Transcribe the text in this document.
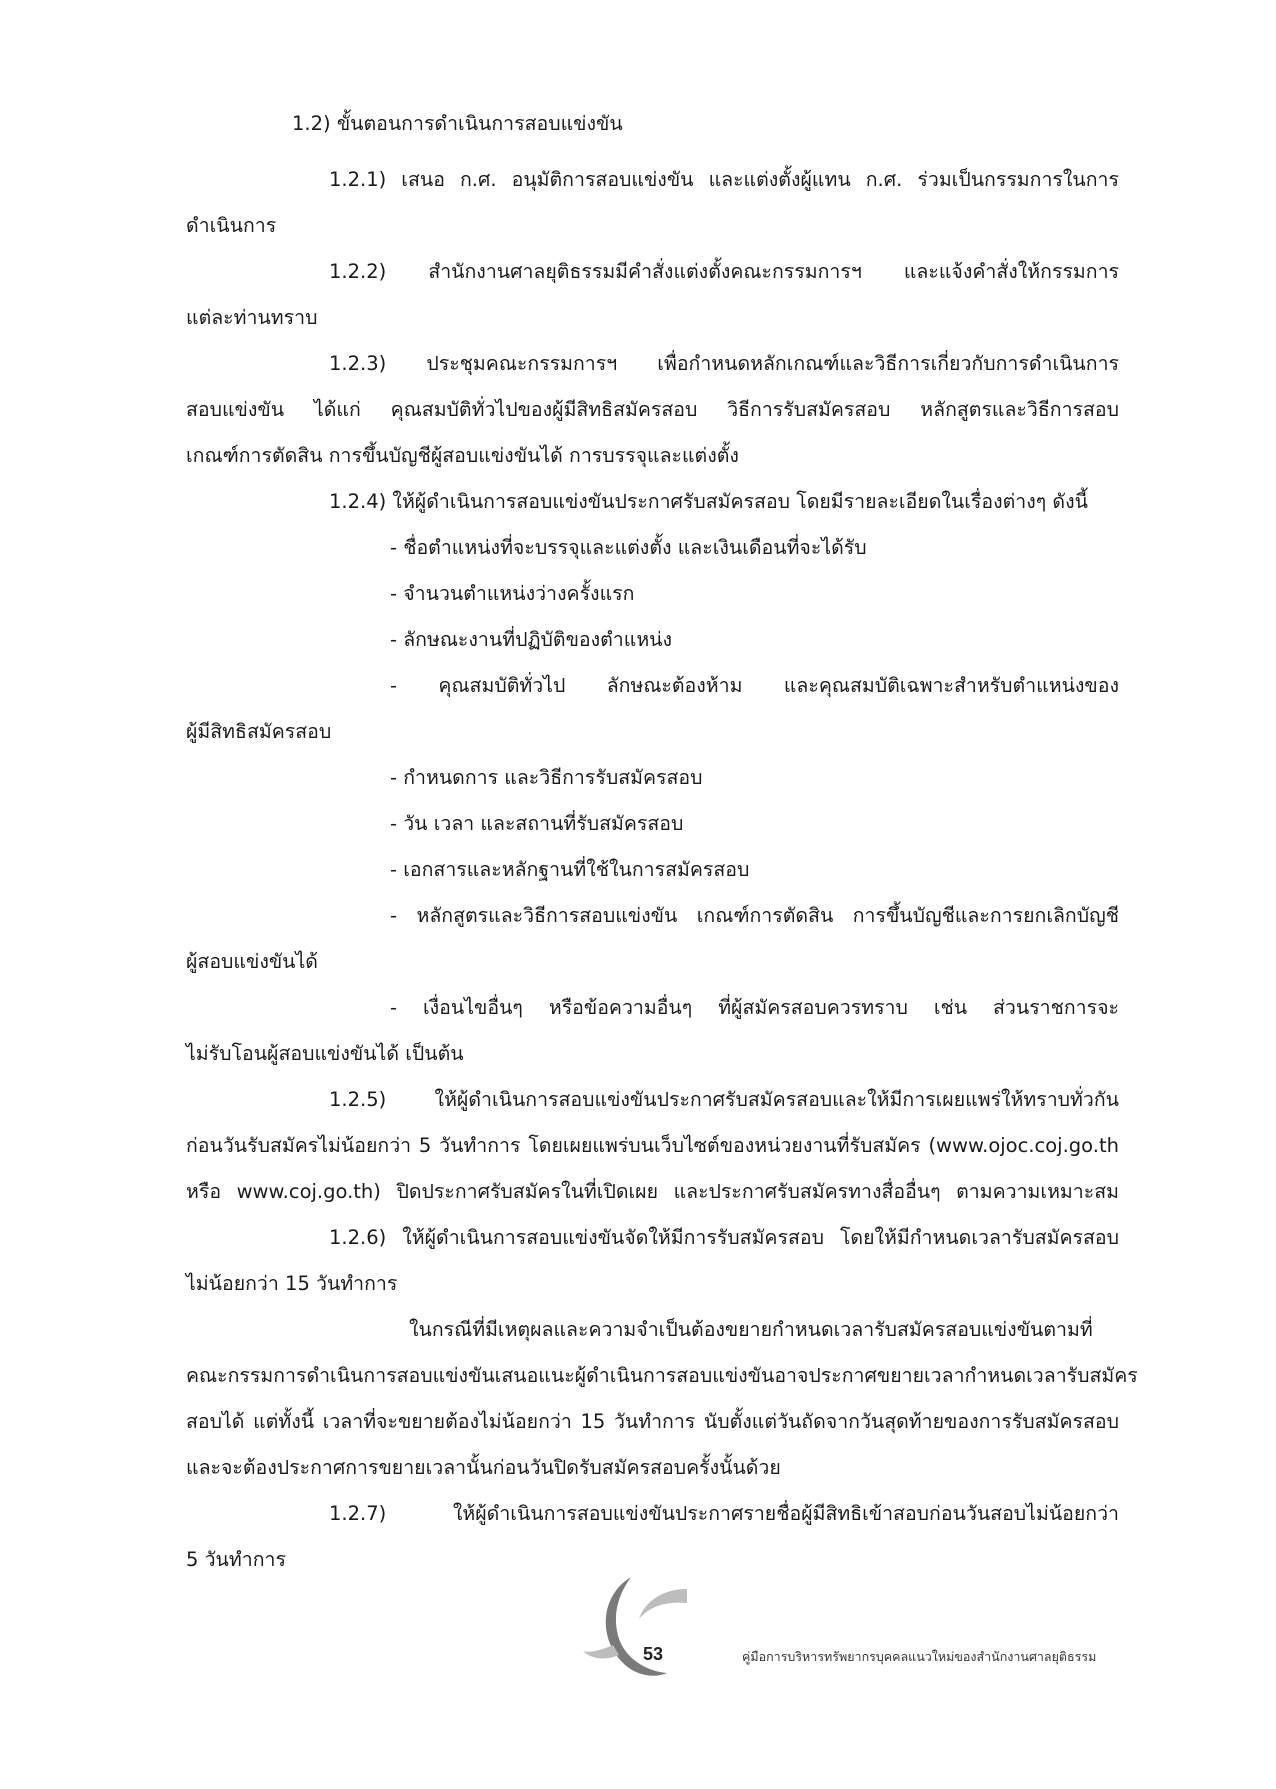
1.2) ขั้นตอนการดำเนินการสอบแข่งขัน
1.2.1) เสนอ ก.ศ. อนุมัติการสอบแข่งขัน และแต่งตั้งผู้แทน ก.ศ. ร่วมเป็นกรรมการในการ
ดำเนินการ
1.2.2) สำนักงานศาลยุติธรรมมีคำสั่งแต่งตั้งคณะกรรมการฯ และแจ้งคำสั่งให้กรรมการ
แต่ละท่านทราบ
1.2.3) ประชุมคณะกรรมการฯ เพื่อกำหนดหลักเกณฑ์และวิธีการเกี่ยวกับการดำเนินการ
สอบแข่งขัน ได้แก่ คุณสมบัติทั่วไปของผู้มีสิทธิสมัครสอบ วิธีการรับสมัครสอบ หลักสูตรและวิธีการสอบ
เกณฑ์การตัดสิน การขึ้นบัญชีผู้สอบแข่งขันได้ การบรรจุและแต่งตั้ง
1.2.4) ให้ผู้ดำเนินการสอบแข่งขันประกาศรับสมัครสอบ โดยมีรายละเอียดในเรื่องต่างๆ ดังนี้
- ชื่อตำแหน่งที่จะบรรจุและแต่งตั้ง และเงินเดือนที่จะได้รับ
- จำนวนตำแหน่งว่างครั้งแรก
- ลักษณะงานที่ปฏิบัติของตำแหน่ง
- คุณสมบัติทั่วไป ลักษณะต้องห้าม และคุณสมบัติเฉพาะสำหรับตำแหน่งของ
ผู้มีสิทธิสมัครสอบ
- กำหนดการ และวิธีการรับสมัครสอบ
- วัน เวลา และสถานที่รับสมัครสอบ
- เอกสารและหลักฐานที่ใช้ในการสมัครสอบ
- หลักสูตรและวิธีการสอบแข่งขัน เกณฑ์การตัดสิน การขึ้นบัญชีและการยกเลิกบัญชี
ผู้สอบแข่งขันได้
- เงื่อนไขอื่นๆ หรือข้อความอื่นๆ ที่ผู้สมัครสอบควรทราบ เช่น ส่วนราชการจะ
ไม่รับโอนผู้สอบแข่งขันได้ เป็นต้น
1.2.5) ให้ผู้ดำเนินการสอบแข่งขันประกาศรับสมัครสอบและให้มีการเผยแพร่ให้ทราบทั่วกัน
ก่อนวันรับสมัครไม่น้อยกว่า 5 วันทำการ โดยเผยแพร่บนเว็บไซต์ของหน่วยงานที่รับสมัคร (www.ojoc.coj.go.th
หรือ www.coj.go.th) ปิดประกาศรับสมัครในที่เปิดเผย และประกาศรับสมัครทางสื่ออื่นๆ ตามความเหมาะสม
1.2.6) ให้ผู้ดำเนินการสอบแข่งขันจัดให้มีการรับสมัครสอบ โดยให้มีกำหนดเวลารับสมัครสอบ
ไม่น้อยกว่า 15 วันทำการ
ในกรณีที่มีเหตุผลและความจำเป็นต้องขยายกำหนดเวลารับสมัครสอบแข่งขันตามที่
คณะกรรมการดำเนินการสอบแข่งขันเสนอแนะ ผู้ดำเนินการสอบแข่งขันอาจประกาศขยายเวลากำหนด เวลารับสมัคร
สอบได้ แต่ทั้งนี้ เวลาที่จะขยายต้องไม่น้อยกว่า 15 วันทำการ นับตั้งแต่วันถัดจากวันสุดท้ายของการรับสมัครสอบ
และจะต้องประกาศการขยายเวลานั้นก่อนวันปิดรับสมัครสอบครั้งนั้นด้วย
1.2.7)	ให้ผู้ดำเนินการสอบแข่งขันประกาศรายชื่อผู้มีสิทธิเข้าสอบก่อนวันสอบไม่น้อยกว่า
5 วันทำการ
53	คู่มือการบริหารทรัพยากรบุคคลแนวใหม่ของสำนักงานศาลยุติธรรม
